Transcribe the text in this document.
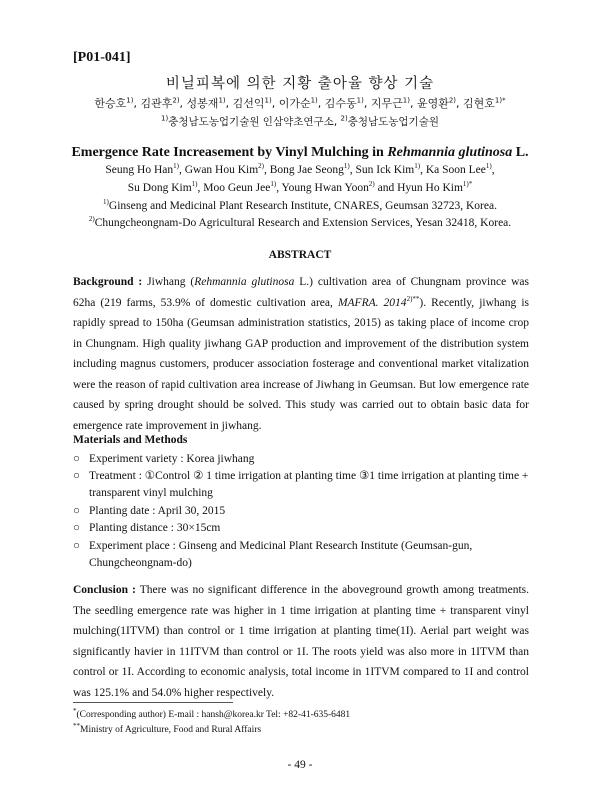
[P01-041]
비닐피복에 의한 지황 출아율 향상 기술
한승호$^{1)}$, 김관후$^{2)}$, 성봉재$^{1)}$, 김선익$^{1)}$, 이가순$^{1)}$, 김수동$^{1)}$, 지무근$^{1)}$, 윤영환$^{2)}$, 김현호$^{1)*}$
$^{1)}$충청남도농업기술원 인삼약초연구소, $^{2)}$충청남도농업기술원
Emergence Rate Increasement by Vinyl Mulching in Rehmannia glutinosa L.
Seung Ho Han$^{1)}$, Gwan Hou Kim$^{2)}$, Bong Jae Seong$^{1)}$, Sun Ick Kim$^{1)}$, Ka Soon Lee$^{1)}$,
Su Dong Kim$^{1)}$, Moo Geun Jee$^{1)}$, Young Hwan Yoon$^{2)}$ and Hyun Ho Kim$^{1)*}$
$^{1)}$Ginseng and Medicinal Plant Research Institute, CNARES, Geumsan 32723, Korea.
$^{2)}$Chungcheongnam-Do Agricultural Research and Extension Services, Yesan 32418, Korea.
ABSTRACT
Background : Jiwhang (Rehmannia glutinosa L.) cultivation area of Chungnam province was 62ha (219 farms, 53.9% of domestic cultivation area, MAFRA. $2014^{2)**}$). Recently, jiwhang is rapidly spread to 150ha (Geumsan administration statistics, 2015) as taking place of income crop in Chungnam. High quality jiwhang GAP production and improvement of the distribution system including magnus customers, producer association fosterage and conventional market vitalization were the reason of rapid cultivation area increase of Jiwhang in Geumsan. But low emergence rate caused by spring drought should be solved. This study was carried out to obtain basic data for emergence rate improvement in jiwhang.
Materials and Methods
○ Experiment variety : Korea jiwhang
○ Treatment : ①Control ② 1 time irrigation at planting time ③1 time irrigation at planting time + transparent vinyl mulching
○ Planting date : April 30, 2015
○ Planting distance : 30×15cm
○ Experiment place : Ginseng and Medicinal Plant Research Institute (Geumsan-gun, Chungcheongnam-do)
Conclusion : There was no significant difference in the aboveground growth among treatments. The seedling emergence rate was higher in 1 time irrigation at planting time + transparent vinyl mulching(1ITVM) than control or 1 time irrigation at planting time(1I). Aerial part weight was significantly havier in 11ITVM than control or 1I. The roots yield was also more in 1ITVM than control or 1I. According to economic analysis, total income in 1ITVM compared to 1I and control was 125.1% and 54.0% higher respectively.
*(Corresponding author) E-mail : hansh@korea.kr Tel: +82-41-635-6481
**Ministry of Agriculture, Food and Rural Affairs
- 49 -
